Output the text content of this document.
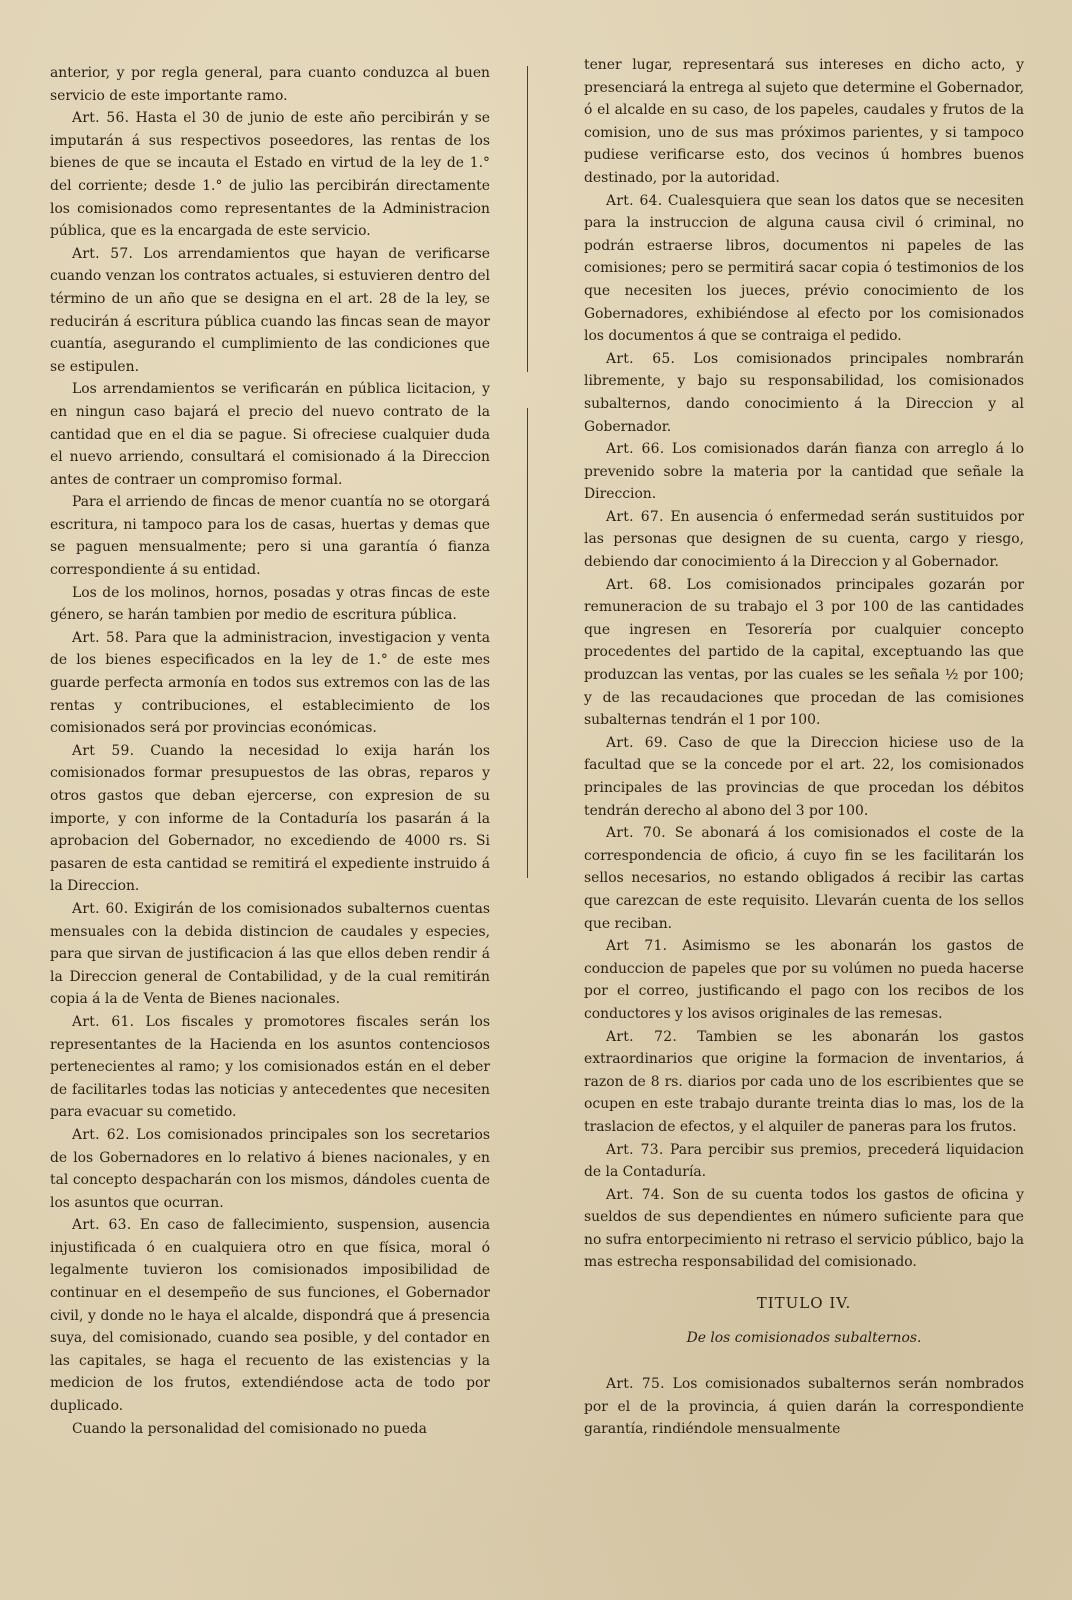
anterior, y por regla general, para cuanto conduzca al buen servicio de este importante ramo.

Art. 56. Hasta el 30 de junio de este año percibirán y se imputarán á sus respectivos poseedores, las rentas de los bienes de que se incauta el Estado en virtud de la ley de 1.° del corriente; desde 1.° de julio las percibirán directamente los comisionados como representantes de la Administracion pública, que es la encargada de este servicio.

Art. 57. Los arrendamientos que hayan de verificarse cuando venzan los contratos actuales, si estuvieren dentro del término de un año que se designa en el art. 28 de la ley, se reducirán á escritura pública cuando las fincas sean de mayor cuantía, asegurando el cumplimiento de las condiciones que se estipulen.

Los arrendamientos se verificarán en pública licitacion, y en ningun caso bajará el precio del nuevo contrato de la cantidad que en el dia se pague. Si ofreciese cualquier duda el nuevo arriendo, consultará el comisionado á la Direccion antes de contraer un compromiso formal.

Para el arriendo de fincas de menor cuantía no se otorgará escritura, ni tampoco para los de casas, huertas y demas que se paguen mensualmente; pero si una garantía ó fianza correspondiente á su entidad.

Los de los molinos, hornos, posadas y otras fincas de este género, se harán tambien por medio de escritura pública.

Art. 58. Para que la administracion, investigacion y venta de los bienes especificados en la ley de 1.° de este mes guarde perfecta armonía en todos sus extremos con las de las rentas y contribuciones, el establecimiento de los comisionados será por provincias económicas.

Art 59. Cuando la necesidad lo exija harán los comisionados formar presupuestos de las obras, reparos y otros gastos que deban ejercerse, con expresion de su importe, y con informe de la Contaduría los pasarán á la aprobacion del Gobernador, no excediendo de 4000 rs. Si pasaren de esta cantidad se remitirá el expediente instruido á la Direccion.

Art. 60. Exigirán de los comisionados subalternos cuentas mensuales con la debida distincion de caudales y especies, para que sirvan de justificacion á las que ellos deben rendir á la Direccion general de Contabilidad, y de la cual remitirán copia á la de Venta de Bienes nacionales.

Art. 61. Los fiscales y promotores fiscales serán los representantes de la Hacienda en los asuntos contenciosos pertenecientes al ramo; y los comisionados están en el deber de facilitarles todas las noticias y antecedentes que necesiten para evacuar su cometido.

Art. 62. Los comisionados principales son los secretarios de los Gobernadores en lo relativo á bienes nacionales, y en tal concepto despacharán con los mismos, dándoles cuenta de los asuntos que ocurran.

Art. 63. En caso de fallecimiento, suspension, ausencia injustificada ó en cualquiera otro en que física, moral ó legalmente tuvieron los comisionados imposibilidad de continuar en el desempeño de sus funciones, el Gobernador civil, y donde no le haya el alcalde, dispondrá que á presencia suya, del comisionado, cuando sea posible, y del contador en las capitales, se haga el recuento de las existencias y la medicion de los frutos, extendiéndose acta de todo por duplicado.

Cuando la personalidad del comisionado no pueda

tener lugar, representará sus intereses en dicho acto, y presenciará la entrega al sujeto que determine el Gobernador, ó el alcalde en su caso, de los papeles, caudales y frutos de la comision, uno de sus mas próximos parientes, y si tampoco pudiese verificarse esto, dos vecinos ú hombres buenos destinado, por la autoridad.

Art. 64. Cualesquiera que sean los datos que se necesiten para la instruccion de alguna causa civil ó criminal, no podrán estraerse libros, documentos ni papeles de las comisiones; pero se permitirá sacar copia ó testimonios de los que necesiten los jueces, prévio conocimiento de los Gobernadores, exhibiéndose al efecto por los comisionados los documentos á que se contraiga el pedido.

Art. 65. Los comisionados principales nombrarán libremente, y bajo su responsabilidad, los comisionados subalternos, dando conocimiento á la Direccion y al Gobernador.

Art. 66. Los comisionados darán fianza con arreglo á lo prevenido sobre la materia por la cantidad que señale la Direccion.

Art. 67. En ausencia ó enfermedad serán sustituidos por las personas que designen de su cuenta, cargo y riesgo, debiendo dar conocimiento á la Direccion y al Gobernador.

Art. 68. Los comisionados principales gozarán por remuneracion de su trabajo el 3 por 100 de las cantidades que ingresen en Tesorería por cualquier concepto procedentes del partido de la capital, exceptuando las que produzcan las ventas, por las cuales se les señala ½ por 100; y de las recaudaciones que procedan de las comisiones subalternas tendrán el 1 por 100.

Art. 69. Caso de que la Direccion hiciese uso de la facultad que se la concede por el art. 22, los comisionados principales de las provincias de que procedan los débitos tendrán derecho al abono del 3 por 100.

Art. 70. Se abonará á los comisionados el coste de la correspondencia de oficio, á cuyo fin se les facilitarán los sellos necesarios, no estando obligados á recibir las cartas que carezcan de este requisito. Llevarán cuenta de los sellos que reciban.

Art 71. Asimismo se les abonarán los gastos de conduccion de papeles que por su volúmen no pueda hacerse por el correo, justificando el pago con los recibos de los conductores y los avisos originales de las remesas.

Art. 72. Tambien se les abonarán los gastos extraordinarios que origine la formacion de inventarios, á razon de 8 rs. diarios por cada uno de los escribientes que se ocupen en este trabajo durante treinta dias lo mas, los de la traslacion de efectos, y el alquiler de paneras para los frutos.

Art. 73. Para percibir sus premios, precederá liquidacion de la Contaduría.

Art. 74. Son de su cuenta todos los gastos de oficina y sueldos de sus dependientes en número suficiente para que no sufra entorpecimiento ni retraso el servicio público, bajo la mas estrecha responsabilidad del comisionado.

TITULO IV.

De los comisionados subalternos.

Art. 75. Los comisionados subalternos serán nombrados por el de la provincia, á quien darán la correspondiente garantía, rindiéndole mensualmente
